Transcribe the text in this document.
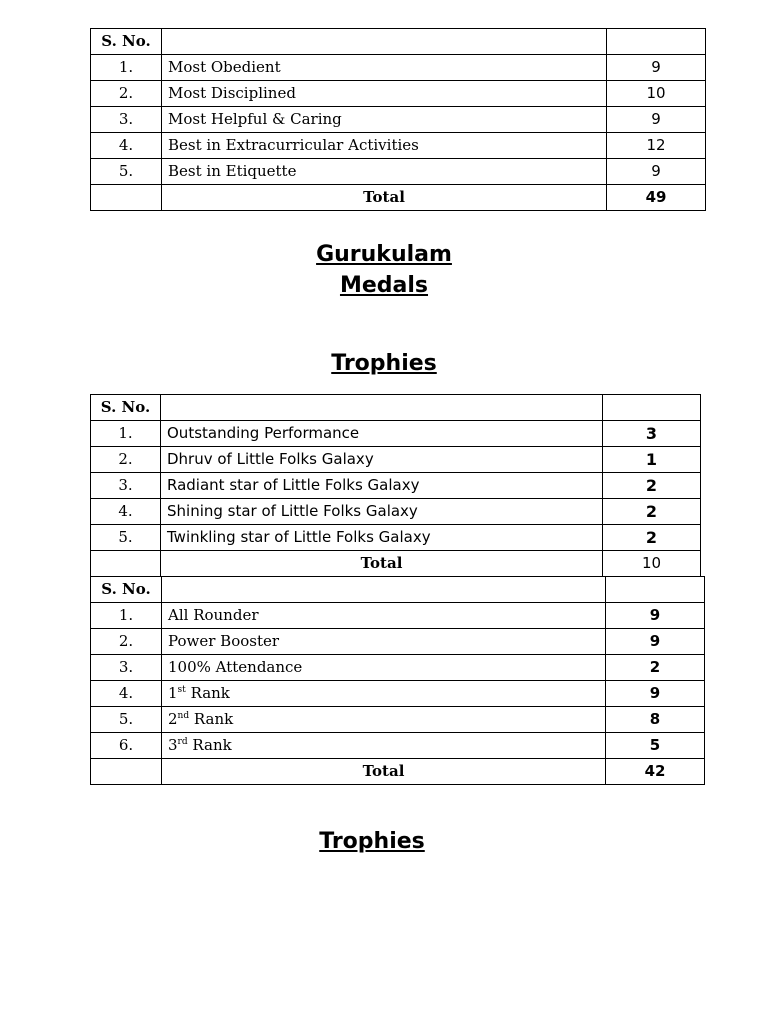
S. No.		
1.	Most Obedient	9
2.	Most Disciplined	10
3.	Most Helpful & Caring	9
4.	Best in Extracurricular Activities	12
5.	Best in Etiquette	9
	Total	49
Gurukulam
Medals
Trophies
S. No.		
1.	Outstanding Performance	3
2.	Dhruv of Little Folks Galaxy	1
3.	Radiant star of Little Folks Galaxy	2
4.	Shining star of Little Folks Galaxy	2
5.	Twinkling star of Little Folks Galaxy	2
	Total	10
S. No.		
1.	All Rounder	9
2.	Power Booster	9
3.	100% Attendance	2
4.	1st Rank	9
5.	2nd Rank	8
6.	3rd Rank	5
	Total	42
Trophies
